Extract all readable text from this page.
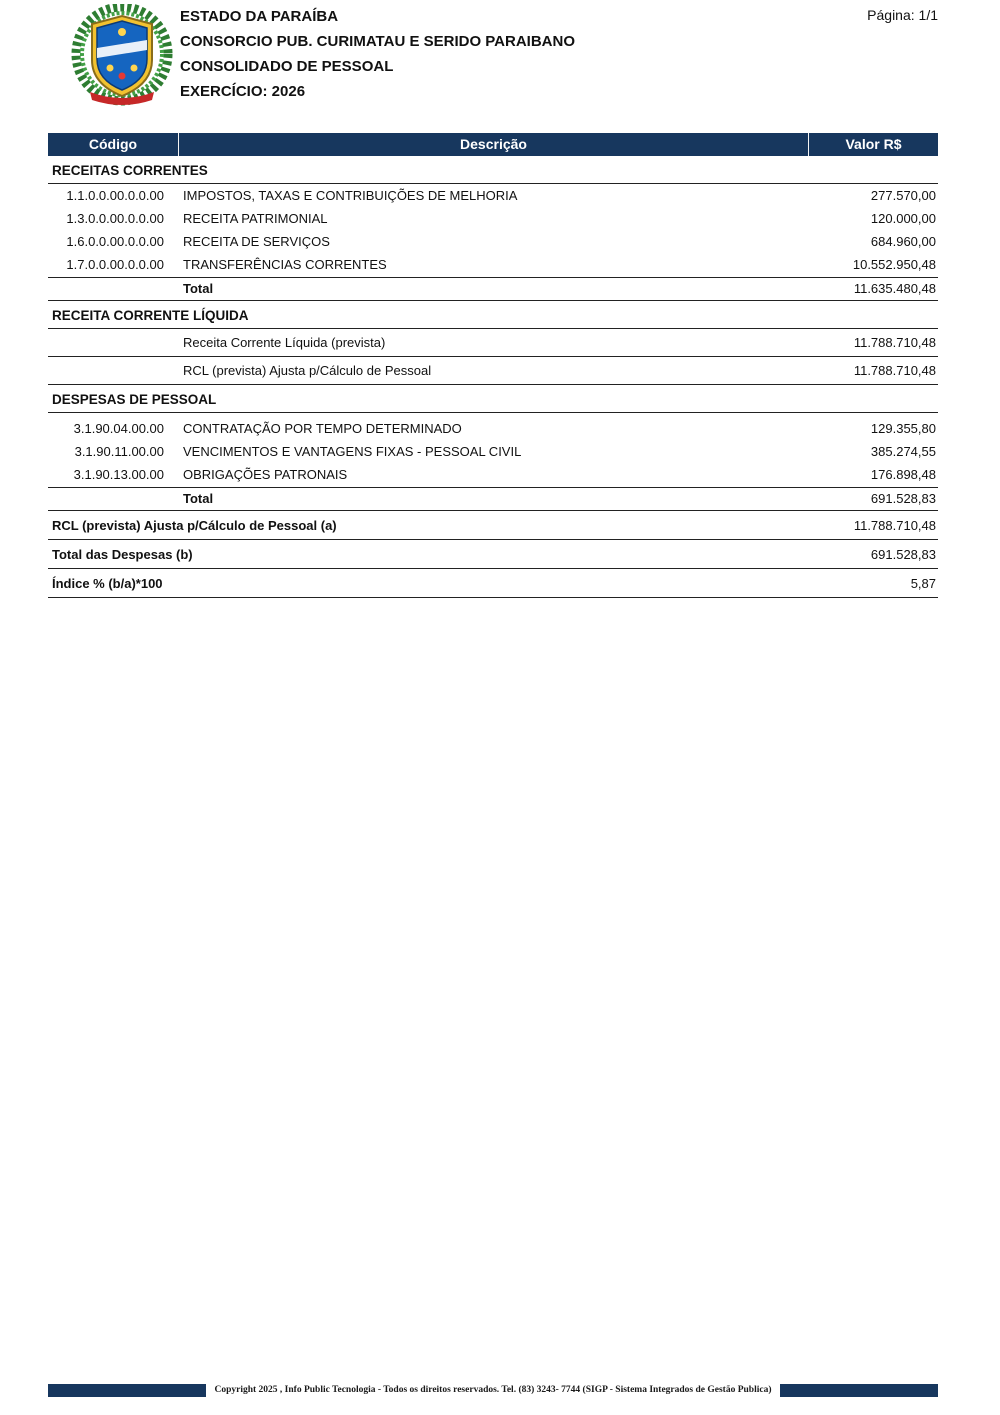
ESTADO DA PARAÍBA
CONSORCIO PUB. CURIMATAU E SERIDO PARAIBANO
CONSOLIDADO DE PESSOAL
EXERCÍCIO: 2026
Página: 1/1
Código	Descrição	Valor R$
RECEITAS CORRENTES
1.1.0.0.00.0.0.00	IMPOSTOS, TAXAS E CONTRIBUIÇÕES DE MELHORIA	277.570,00
1.3.0.0.00.0.0.00	RECEITA PATRIMONIAL	120.000,00
1.6.0.0.00.0.0.00	RECEITA DE SERVIÇOS	684.960,00
1.7.0.0.00.0.0.00	TRANSFERÊNCIAS CORRENTES	10.552.950,48
Total	11.635.480,48
RECEITA CORRENTE LÍQUIDA
Receita Corrente Líquida (prevista)	11.788.710,48
RCL (prevista) Ajusta p/Cálculo de Pessoal	11.788.710,48
DESPESAS DE PESSOAL
3.1.90.04.00.00	CONTRATAÇÃO POR TEMPO DETERMINADO	129.355,80
3.1.90.11.00.00	VENCIMENTOS E VANTAGENS FIXAS - PESSOAL CIVIL	385.274,55
3.1.90.13.00.00	OBRIGAÇÕES PATRONAIS	176.898,48
Total	691.528,83
RCL (prevista) Ajusta p/Cálculo de Pessoal (a)	11.788.710,48
Total das Despesas (b)	691.528,83
Índice % (b/a)*100	5,87
Copyright 2025 , Info Public Tecnologia - Todos os direitos reservados. Tel. (83) 3243- 7744 (SIGP - Sistema Integrados de Gestão Publica)
